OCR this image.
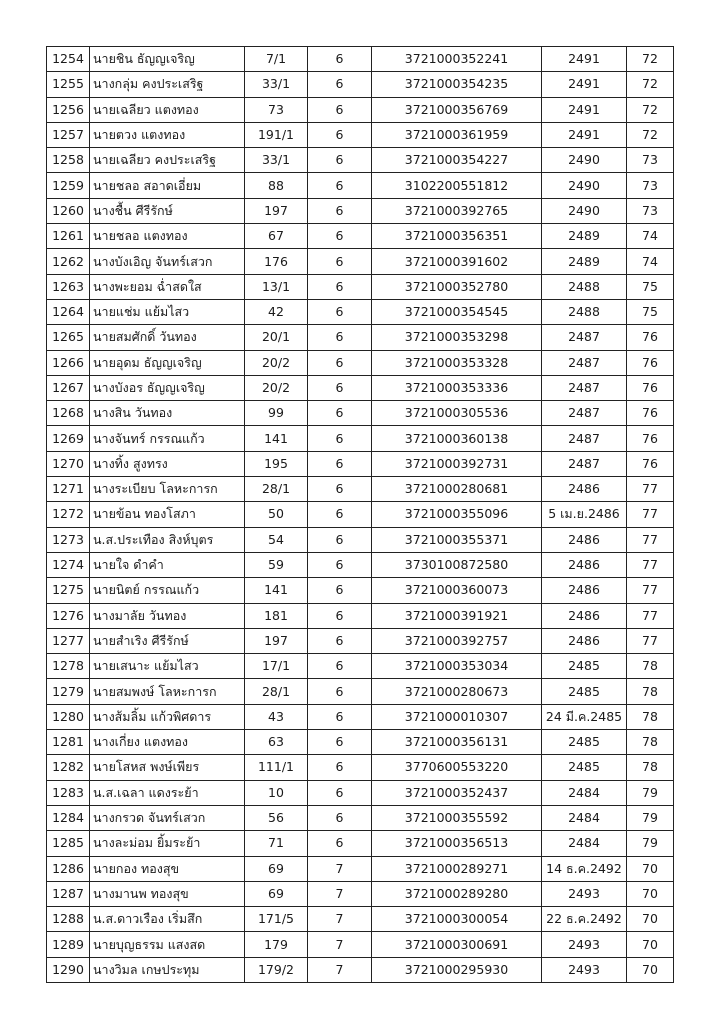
1254	นายชิน ธัญญเจริญ	7/1	6	3721000352241	2491	72	
1255	นางกลุ่ม คงประเสริฐ	33/1	6	3721000354235	2491	72	
1256	นายเฉลียว แตงทอง	73	6	3721000356769	2491	72	
1257	นายตวง แตงทอง	191/1	6	3721000361959	2491	72	
1258	นายเฉลียว คงประเสริฐ	33/1	6	3721000354227	2490	73	
1259	นายชลอ สอาดเอี่ยม	88	6	3102200551812	2490	73	
1260	นางชื้น ศีรีรักษ์	197	6	3721000392765	2490	73	
1261	นายชลอ แตงทอง	67	6	3721000356351	2489	74	
1262	นางบังเอิญ จันทร์เสวก	176	6	3721000391602	2489	74	
1263	นางพะยอม ฉ่ำสดใส	13/1	6	3721000352780	2488	75	
1264	นายแช่ม แย้มไสว	42	6	3721000354545	2488	75	
1265	นายสมศักดิ์ วันทอง	20/1	6	3721000353298	2487	76	
1266	นายอุดม ธัญญเจริญ	20/2	6	3721000353328	2487	76	
1267	นางบังอร ธัญญเจริญ	20/2	6	3721000353336	2487	76	
1268	นางสิน วันทอง	99	6	3721000305536	2487	76	
1269	นางจันทร์ กรรณแก้ว	141	6	3721000360138	2487	76	
1270	นางทิ้ง สูงทรง	195	6	3721000392731	2487	76	
1271	นางระเบียบ โลหะการก	28/1	6	3721000280681	2486	77	
1272	นายข้อน ทองโสภา	50	6	3721000355096	5 เม.ย.2486	77	
1273	น.ส.ประเทือง สิงห์บุตร	54	6	3721000355371	2486	77	
1274	นายใจ ดำคำ	59	6	3730100872580	2486	77	
1275	นายนิตย์ กรรณแก้ว	141	6	3721000360073	2486	77	
1276	นางมาลัย วันทอง	181	6	3721000391921	2486	77	
1277	นายสำเริง ศีรีรักษ์	197	6	3721000392757	2486	77	
1278	นายเสนาะ แย้มไสว	17/1	6	3721000353034	2485	78	
1279	นายสมพงษ์ โลหะการก	28/1	6	3721000280673	2485	78	
1280	นางส้มลิ้ม แก้วพิศดาร	43	6	3721000010307	24 มี.ค.2485	78	
1281	นางเกี่ยง แตงทอง	63	6	3721000356131	2485	78	
1282	นายโสหส พงษ์เพียร	111/1	6	3770600553220	2485	78	
1283	น.ส.เฉลา แดงระย้า	10	6	3721000352437	2484	79	
1284	นางกรวด จันทร์เสวก	56	6	3721000355592	2484	79	
1285	นางละม่อม ยิ้มระย้า	71	6	3721000356513	2484	79	
1286	นายกอง ทองสุข	69	7	3721000289271	14 ธ.ค.2492	70	
1287	นางมานพ ทองสุข	69	7	3721000289280	2493	70	
1288	น.ส.ดาวเรือง เริ่มสึก	171/5	7	3721000300054	22 ธ.ค.2492	70	
1289	นายบุญธรรม แสงสด	179	7	3721000300691	2493	70	
1290	นางวิมล เกษประทุม	179/2	7	3721000295930	2493	70	
